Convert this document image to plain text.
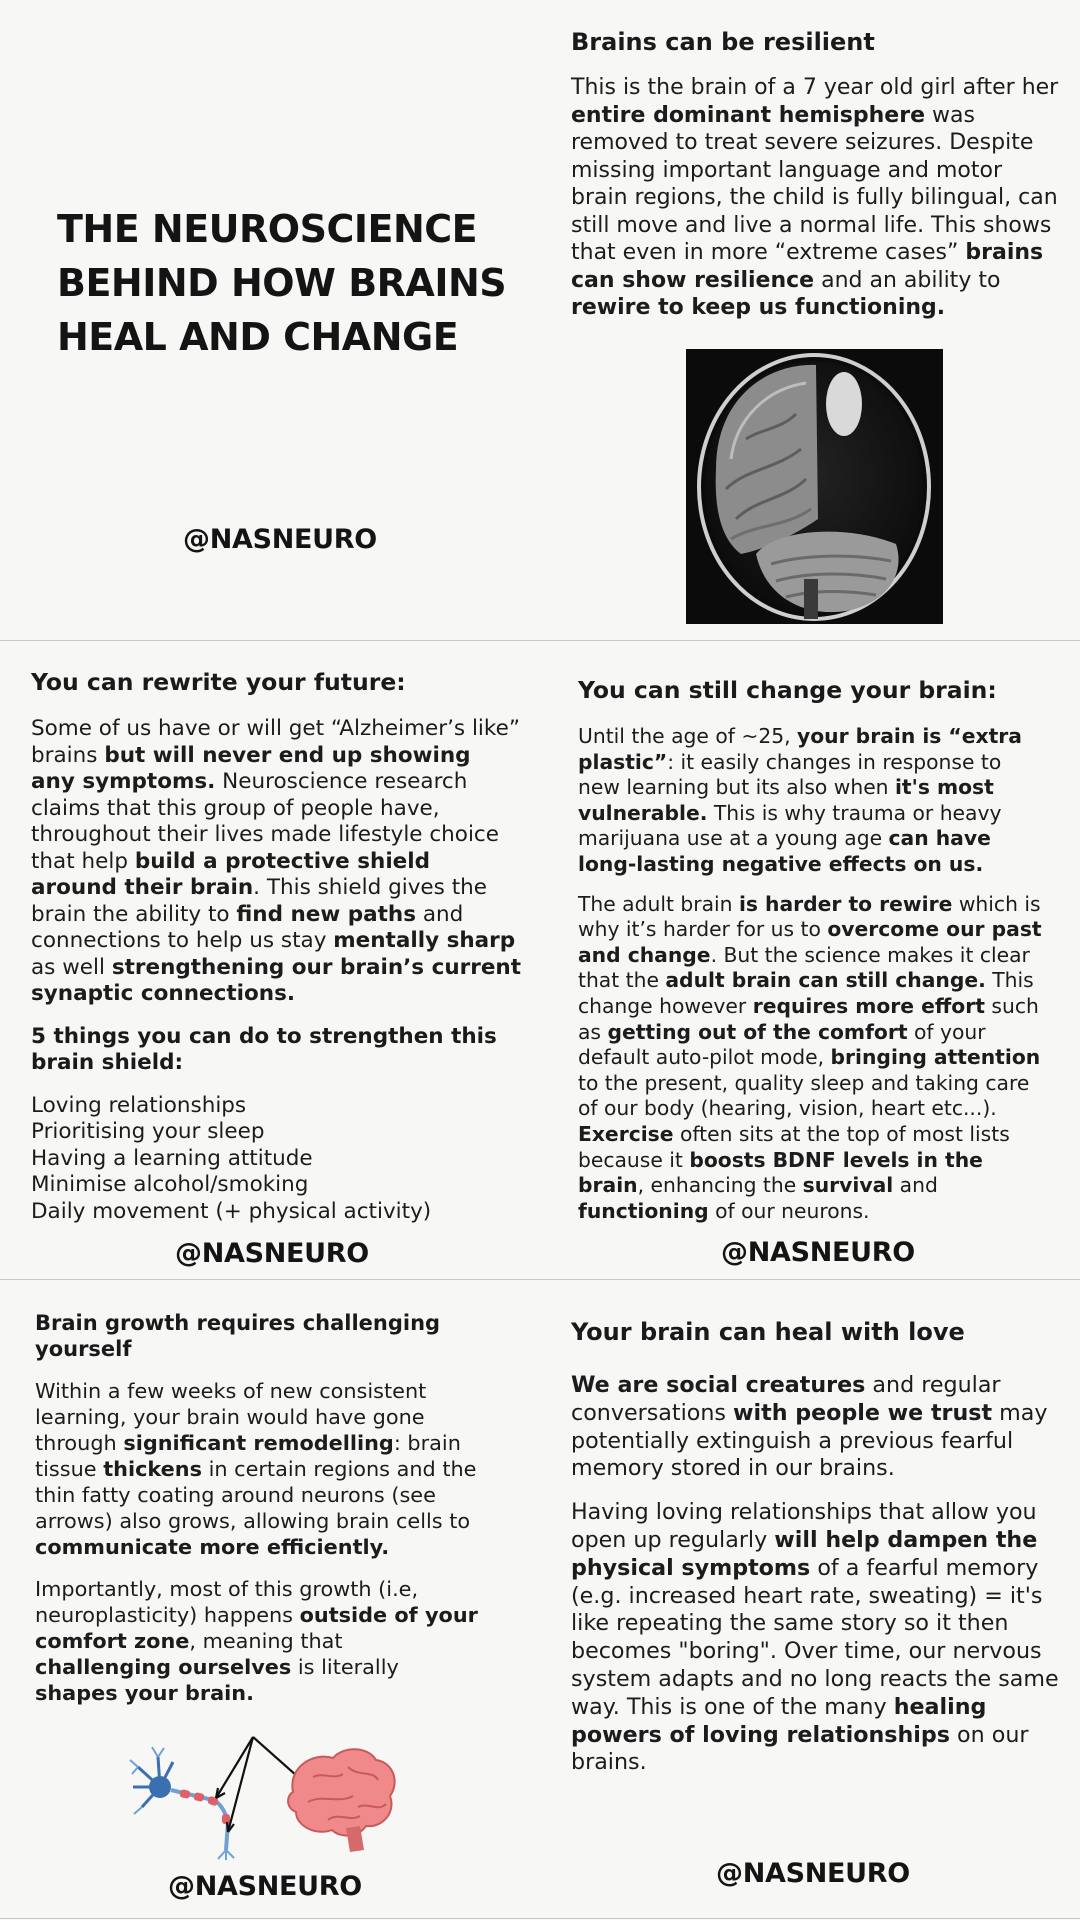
THE NEUROSCIENCE
BEHIND HOW BRAINS
HEAL AND CHANGE
@NASNEURO
Brains can be resilient
This is the brain of a 7 year old girl after her entire dominant hemisphere was removed to treat severe seizures. Despite missing important language and motor brain regions, the child is fully bilingual, can still move and live a normal life. This shows that even in more “extreme cases” brains can show resilience and an ability to rewire to keep us functioning.
You can rewrite your future:
Some of us have or will get “Alzheimer’s like” brains but will never end up showing any symptoms. Neuroscience research claims that this group of people have, throughout their lives made lifestyle choice that help build a protective shield around their brain. This shield gives the brain the ability to find new paths and connections to help us stay mentally sharp as well strengthening our brain’s current synaptic connections.
5 things you can do to strengthen this brain shield:
Loving relationships
Prioritising your sleep
Having a learning attitude
Minimise alcohol/smoking
Daily movement (+ physical activity)
@NASNEURO
You can still change your brain:
Until the age of ~25, your brain is “extra plastic”: it easily changes in response to new learning but its also when it's most vulnerable. This is why trauma or heavy marijuana use at a young age can have long-lasting negative effects on us.
The adult brain is harder to rewire which is why it’s harder for us to overcome our past and change. But the science makes it clear that the adult brain can still change. This change however requires more effort such as getting out of the comfort of your default auto-pilot mode, bringing attention to the present, quality sleep and taking care of our body (hearing, vision, heart etc...). Exercise often sits at the top of most lists because it boosts BDNF levels in the brain, enhancing the survival and functioning of our neurons.
@NASNEURO
Brain growth requires challenging yourself
Within a few weeks of new consistent learning, your brain would have gone through significant remodelling: brain tissue thickens in certain regions and the thin fatty coating around neurons (see arrows) also grows, allowing brain cells to communicate more efficiently.
Importantly, most of this growth (i.e, neuroplasticity) happens outside of your comfort zone, meaning that challenging ourselves is literally shapes your brain.
@NASNEURO
Your brain can heal with love
We are social creatures and regular conversations with people we trust may potentially extinguish a previous fearful memory stored in our brains.
Having loving relationships that allow you open up regularly will help dampen the physical symptoms of a fearful memory (e.g. increased heart rate, sweating) = it's like repeating the same story so it then becomes "boring". Over time, our nervous system adapts and no long reacts the same way. This is one of the many healing powers of loving relationships on our brains.
@NASNEURO
